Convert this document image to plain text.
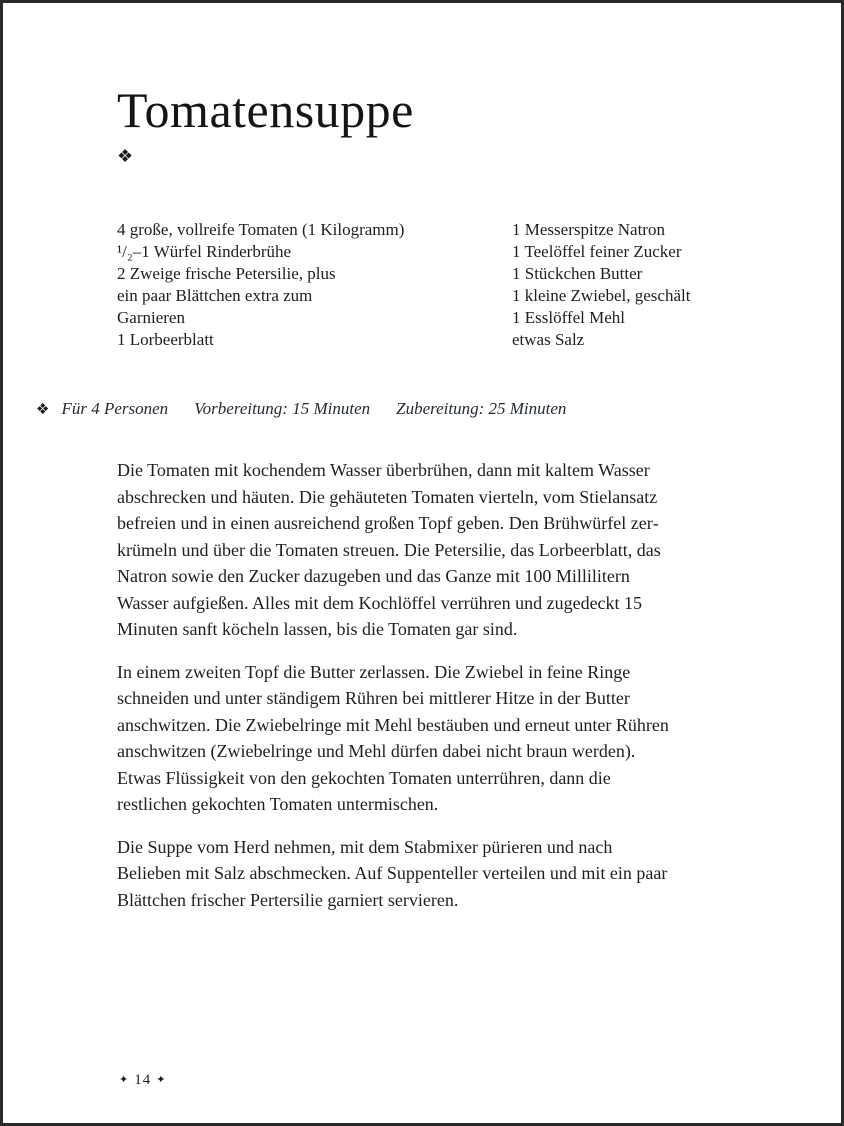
Tomatensuppe
❖
4 große, vollreife Tomaten (1 Kilogramm)
¹/₂–1 Würfel Rinderbrühe
2 Zweige frische Petersilie, plus
ein paar Blättchen extra zum
Garnieren
1 Lorbeerblatt
1 Messerspitze Natron
1 Teelöffel feiner Zucker
1 Stückchen Butter
1 kleine Zwiebel, geschält
1 Esslöffel Mehl
etwas Salz

Die Tomaten mit kochendem Wasser überbrühen, dann mit kaltem Wasser abschrecken und häuten. Die gehäuteten Tomaten vierteln, vom Stielansatz befreien und in einen ausreichend großen Topf geben. Den Brühwürfel zerkrümeln und über die Tomaten streuen. Die Petersilie, das Lorbeerblatt, das Natron sowie den Zucker dazugeben und das Ganze mit 100 Millilitern Wasser aufgießen. Alles mit dem Kochlöffel verrühren und zugedeckt 15 Minuten sanft köcheln lassen, bis die Tomaten gar sind.

In einem zweiten Topf die Butter zerlassen. Die Zwiebel in feine Ringe schneiden und unter ständigem Rühren bei mittlerer Hitze in der Butter anschwitzen. Die Zwiebelringe mit Mehl bestäuben und erneut unter Rühren anschwitzen (Zwiebelringe und Mehl dürfen dabei nicht braun werden). Etwas Flüssigkeit von den gekochten Tomaten unterrühren, dann die restlichen gekochten Tomaten untermischen.

Die Suppe vom Herd nehmen, mit dem Stabmixer pürieren und nach Belieben mit Salz abschmecken. Auf Suppenteller verteilen und mit ein paar Blättchen frischer Pertersilie garniert servieren.

❖ Für 4 Personen Vorbereitung: 15 Minuten Zubereitung: 25 Minuten
✦ 14 ✦
